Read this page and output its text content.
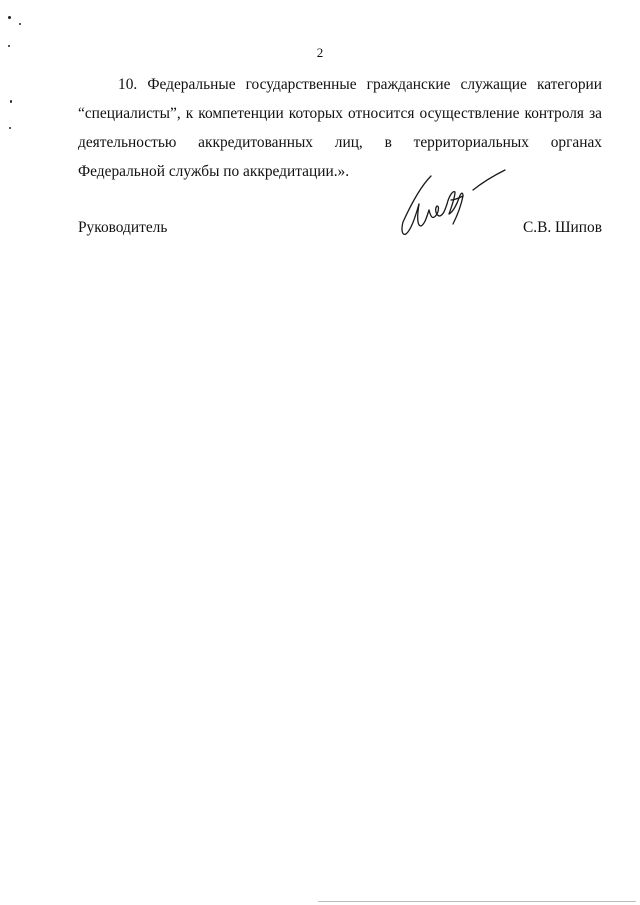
2

10. Федеральные государственные гражданские служащие категории “специалисты”, к компетенции которых относится осуществление контроля за деятельностью аккредитованных лиц, в территориальных органах Федеральной службы по аккредитации.».

Руководитель	С.В. Шипов
